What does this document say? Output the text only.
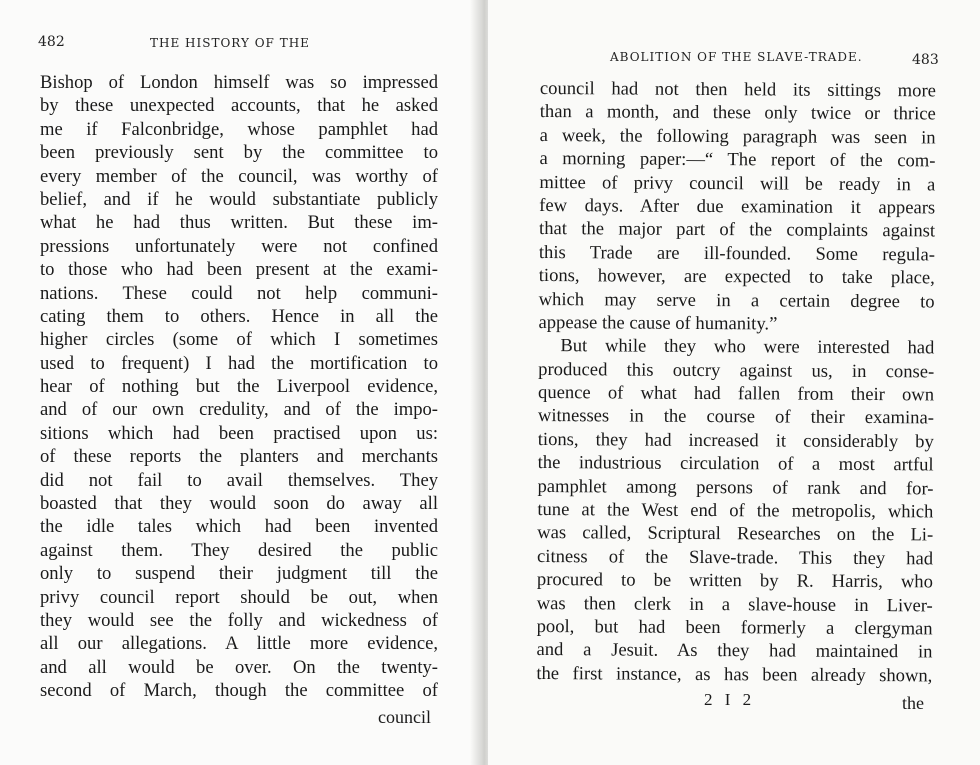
482	THE HISTORY OF THE
Bishop of London himself was so impressed
by these unexpected accounts, that he asked
me if Falconbridge, whose pamphlet had
been previously sent by the committee to
every member of the council, was worthy of
belief, and if he would substantiate publicly
what he had thus written. But these im-
pressions unfortunately were not confined
to those who had been present at the exami-
nations. These could not help communi-
cating them to others. Hence in all the
higher circles (some of which I sometimes
used to frequent) I had the mortification to
hear of nothing but the Liverpool evidence,
and of our own credulity, and of the impo-
sitions which had been practised upon us:
of these reports the planters and merchants
did not fail to avail themselves. They
boasted that they would soon do away all
the idle tales which had been invented
against them. They desired the public
only to suspend their judgment till the
privy council report should be out, when
they would see the folly and wickedness of
all our allegations. A little more evidence,
and all would be over. On the twenty-
second of March, though the committee of
council
ABOLITION OF THE SLAVE-TRADE.	483
2 I 2	the
council had not then held its sittings more
than a month, and these only twice or thrice
a week, the following paragraph was seen in
a morning paper:—“ The report of the com-
mittee of privy council will be ready in a
few days. After due examination it appears
that the major part of the complaints against
this Trade are ill-founded. Some regula-
tions, however, are expected to take place,
which may serve in a certain degree to
appease the cause of humanity.”
But while they who were interested had
produced this outcry against us, in conse-
quence of what had fallen from their own
witnesses in the course of their examina-
tions, they had increased it considerably by
the industrious circulation of a most artful
pamphlet among persons of rank and for-
tune at the West end of the metropolis, which
was called, Scriptural Researches on the Li-
citness of the Slave-trade. This they had
procured to be written by R. Harris, who
was then clerk in a slave-house in Liver-
pool, but had been formerly a clergyman
and a Jesuit. As they had maintained in
the first instance, as has been already shown,
